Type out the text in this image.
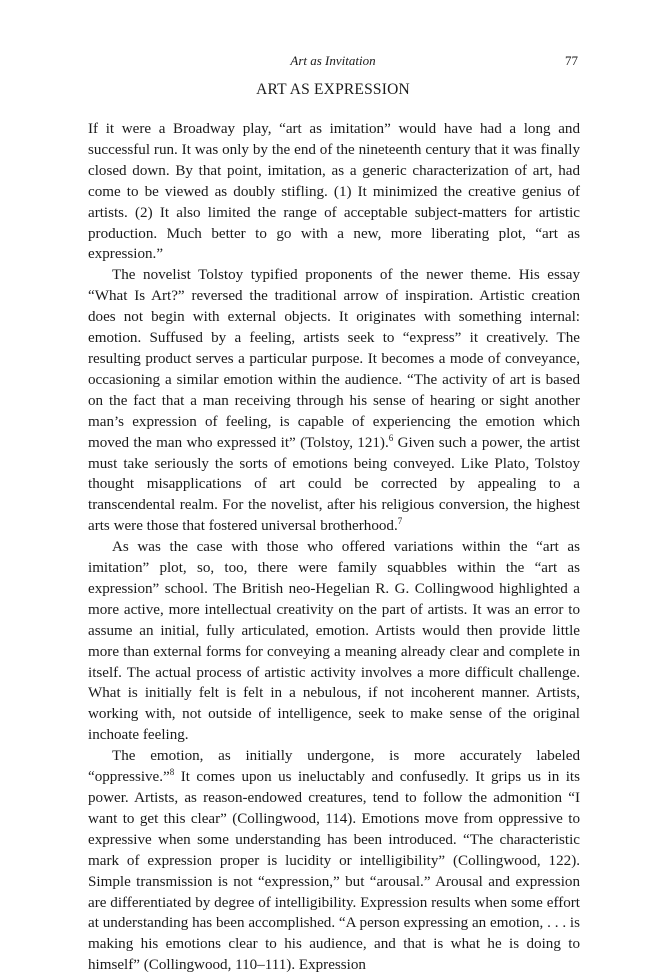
Art as Invitation	77
ART AS EXPRESSION

If it were a Broadway play, “art as imitation” would have had a long and successful run. It was only by the end of the nineteenth century that it was finally closed down. By that point, imitation, as a generic characterization of art, had come to be viewed as doubly stifling. (1) It minimized the creative genius of artists. (2) It also limited the range of acceptable subject-matters for artistic production. Much better to go with a new, more liberating plot, “art as expression.”

The novelist Tolstoy typified proponents of the newer theme. His essay “What Is Art?” reversed the traditional arrow of inspiration. Artistic creation does not begin with external objects. It originates with something internal: emotion. Suffused by a feeling, artists seek to “express” it creatively. The resulting product serves a particular purpose. It becomes a mode of conveyance, occasioning a similar emotion within the audience. “The activity of art is based on the fact that a man receiving through his sense of hearing or sight another man’s expression of feeling, is capable of experiencing the emotion which moved the man who expressed it” (Tolstoy, 121).$^6$ Given such a power, the artist must take seriously the sorts of emotions being conveyed. Like Plato, Tolstoy thought misapplications of art could be corrected by appealing to a transcendental realm. For the novelist, after his religious conversion, the highest arts were those that fostered universal brotherhood.$^7$

As was the case with those who offered variations within the “art as imitation” plot, so, too, there were family squabbles within the “art as expression” school. The British neo-Hegelian R. G. Collingwood highlighted a more active, more intellectual creativity on the part of artists. It was an error to assume an initial, fully articulated, emotion. Artists would then provide little more than external forms for conveying a meaning already clear and complete in itself. The actual process of artistic activity involves a more difficult challenge. What is initially felt is felt in a nebulous, if not incoherent manner. Artists, working with, not outside of intelligence, seek to make sense of the original inchoate feeling.

The emotion, as initially undergone, is more accurately labeled “oppressive.”$^8$ It comes upon us ineluctably and confusedly. It grips us in its power. Artists, as reason-endowed creatures, tend to follow the admonition “I want to get this clear” (Collingwood, 114). Emotions move from oppressive to expressive when some understanding has been introduced. “The characteristic mark of expression proper is lucidity or intelligibility” (Collingwood, 122). Simple transmission is not “expression,” but “arousal.” Arousal and expression are differentiated by degree of intelligibility. Expression results when some effort at understanding has been accomplished. “A person expressing an emotion, . . . is making his emotions clear to his audience, and that is what he is doing to himself” (Collingwood, 110–111). Expression
